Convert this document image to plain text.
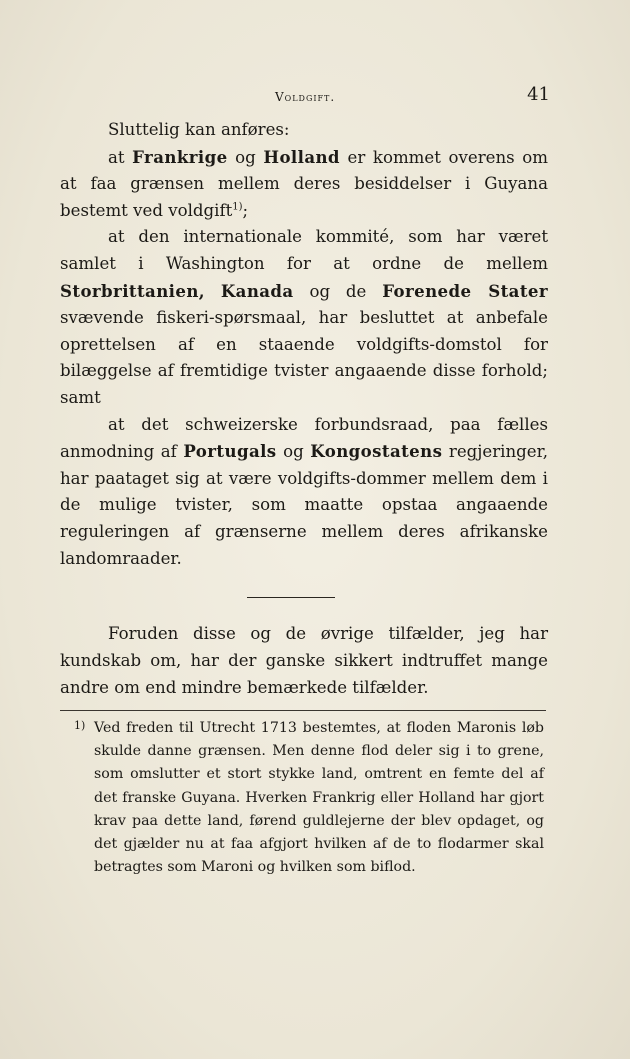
Voldgift.	41

Sluttelig kan anføres:

at Frankrige og Holland er kommet overens om at faa grænsen mellem deres besiddelser i Guyana bestemt ved voldgift$^{1)}$;

at den internationale kommité, som har været samlet i Washington for at ordne de mellem Storbrittanien, Kanada og de Forenede Stater svævende fiskeri-spørsmaal, har besluttet at anbefale oprettelsen af en staaende voldgifts-domstol for bilæggelse af fremtidige tvister angaaende disse forhold; samt

at det schweizerske forbundsraad, paa fælles anmodning af Portugals og Kongostatens regjeringer, har paataget sig at være voldgifts-dommer mellem dem i de mulige tvister, som maatte opstaa angaaende reguleringen af grænserne mellem deres afrikanske landomraader.

Foruden disse og de øvrige tilfælder, jeg har kundskab om, har der ganske sikkert indtruffet mange andre om end mindre bemærkede tilfælder.

1) Ved freden til Utrecht 1713 bestemtes, at floden Maronis løb skulde danne grænsen. Men denne flod deler sig i to grene, som omslutter et stort stykke land, omtrent en femte del af det franske Guyana. Hverken Frankrig eller Holland har gjort krav paa dette land, førend guldlejerne der blev opdaget, og det gjælder nu at faa afgjort hvilken af de to flodarmer skal betragtes som Maroni og hvilken som biflod.
